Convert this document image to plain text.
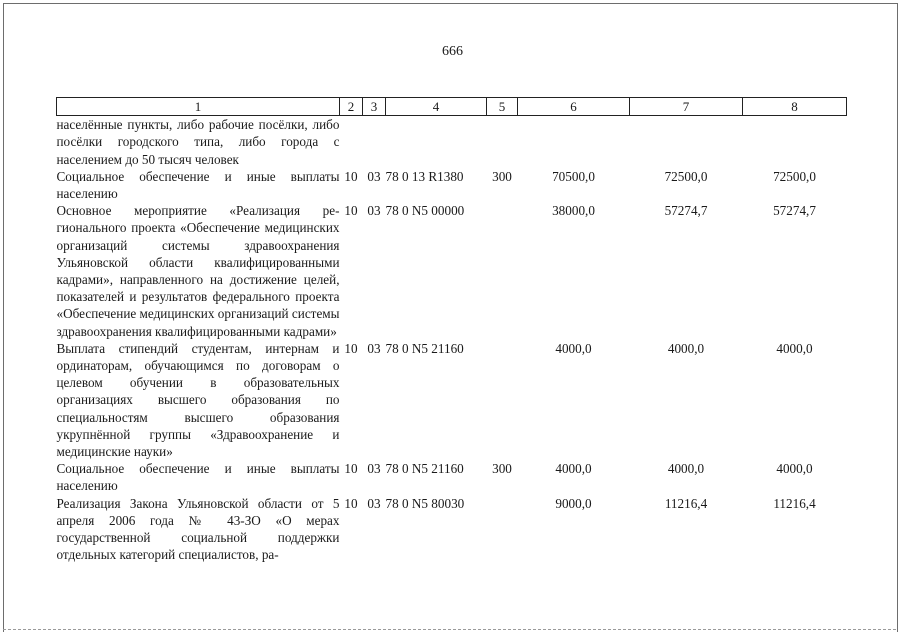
666
1	2	3	4	5	6	7	8
населённые пункты, либо рабочие посёлки, либо посёлки городского типа, либо города с населением до 50 тысяч человек							
Социальное обеспечение и иные выплаты населению	10	03	78 0 13 R1380	300	70500,0	72500,0	72500,0
Основное мероприятие «Реализация регионального проекта «Обеспечение медицинских организаций системы здравоохранения Ульяновской области квалифицированными кадрами», направленного на достижение целей, показателей и результатов федерального проекта «Обеспечение медицинских организаций системы здравоохранения квалифицированными кадрами»	10	03	78 0 N5 00000		38000,0	57274,7	57274,7
Выплата стипендий студентам, интернам и ординаторам, обучающимся по договорам о целевом обучении в образовательных организациях высшего образования по специальностям высшего образования укрупнённой группы «Здравоохранение и медицинские науки»	10	03	78 0 N5 21160		4000,0	4000,0	4000,0
Социальное обеспечение и иные выплаты населению	10	03	78 0 N5 21160	300	4000,0	4000,0	4000,0
Реализация Закона Ульяновской области от 5 апреля 2006 года № 43-ЗО «О мерах государственной социальной поддержки отдельных категорий специалистов, ра-	10	03	78 0 N5 80030		9000,0	11216,4	11216,4
